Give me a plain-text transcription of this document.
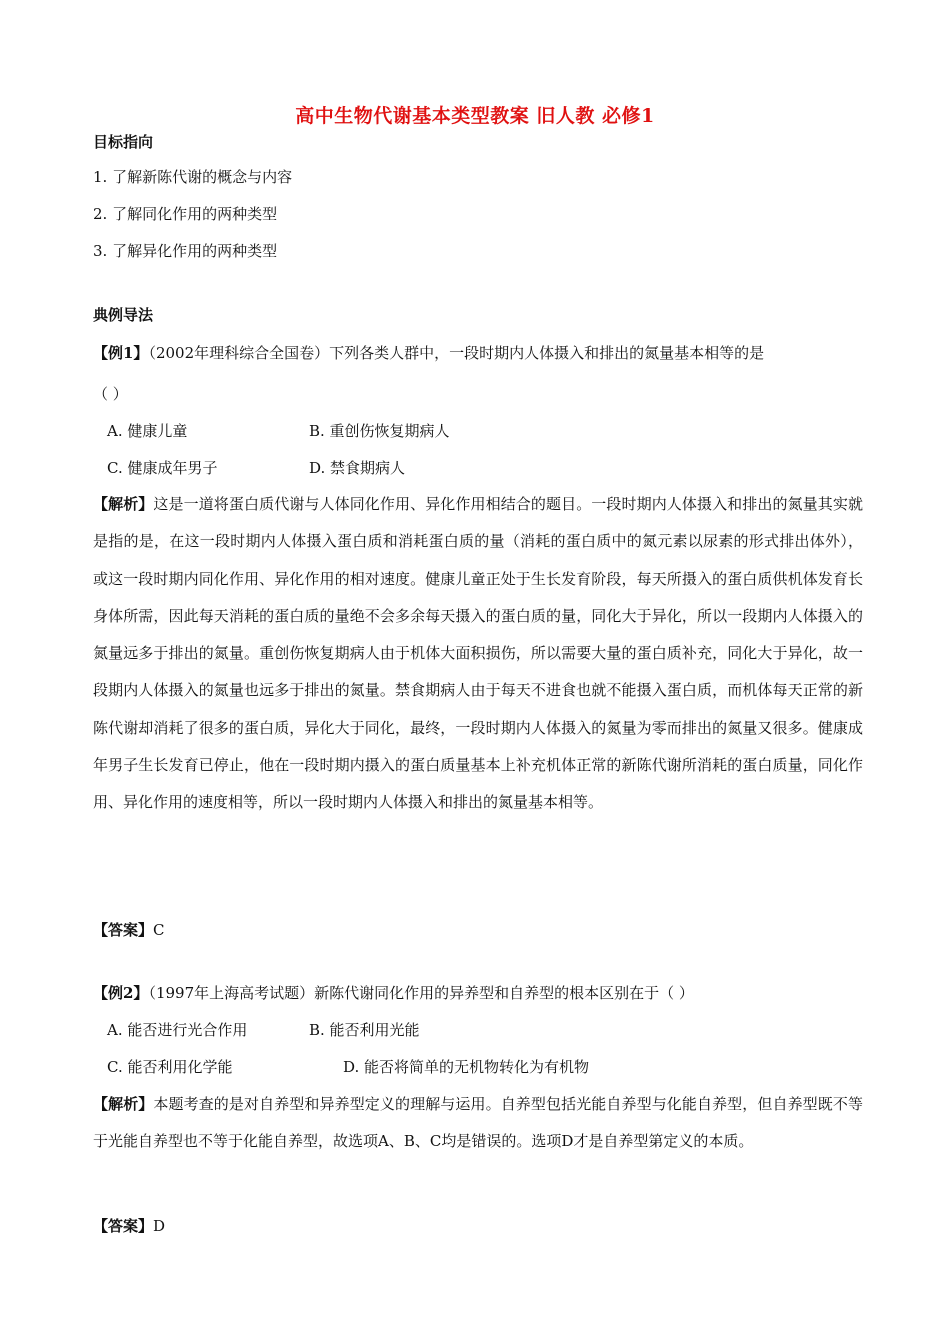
高中生物代谢基本类型教案 旧人教 必修1
目标指向
1. 了解新陈代谢的概念与内容
2. 了解同化作用的两种类型
3. 了解异化作用的两种类型
典例导法
【例1】（2002年理科综合全国卷）下列各类人群中，一段时期内人体摄入和排出的氮量基本相等的是
（ ）
A. 健康儿童	B. 重创伤恢复期病人
C. 健康成年男子	D. 禁食期病人
【解析】这是一道将蛋白质代谢与人体同化作用、异化作用相结合的题目。一段时期内人体摄入和排出的氮量其实就是指的是，在这一段时期内人体摄入蛋白质和消耗蛋白质的量（消耗的蛋白质中的氮元素以尿素的形式排出体外），或这一段时期内同化作用、异化作用的相对速度。健康儿童正处于生长发育阶段，每天所摄入的蛋白质供机体发育长身体所需，因此每天消耗的蛋白质的量绝不会多余每天摄入的蛋白质的量，同化大于异化，所以一段期内人体摄入的氮量远多于排出的氮量。重创伤恢复期病人由于机体大面积损伤，所以需要大量的蛋白质补充，同化大于异化，故一段期内人体摄入的氮量也远多于排出的氮量。禁食期病人由于每天不进食也就不能摄入蛋白质，而机体每天正常的新陈代谢却消耗了很多的蛋白质，异化大于同化，最终，一段时期内人体摄入的氮量为零而排出的氮量又很多。健康成年男子生长发育已停止，他在一段时期内摄入的蛋白质量基本上补充机体正常的新陈代谢所消耗的蛋白质量，同化作用、异化作用的速度相等，所以一段时期内人体摄入和排出的氮量基本相等。
【答案】C
【例2】（1997年上海高考试题）新陈代谢同化作用的异养型和自养型的根本区别在于（ ）
A. 能否进行光合作用	B. 能否利用光能
C. 能否利用化学能	D. 能否将简单的无机物转化为有机物
【解析】本题考查的是对自养型和异养型定义的理解与运用。自养型包括光能自养型与化能自养型，但自养型既不等于光能自养型也不等于化能自养型，故选项A、B、C均是错误的。选项D才是自养型第定义的本质。
【答案】D
